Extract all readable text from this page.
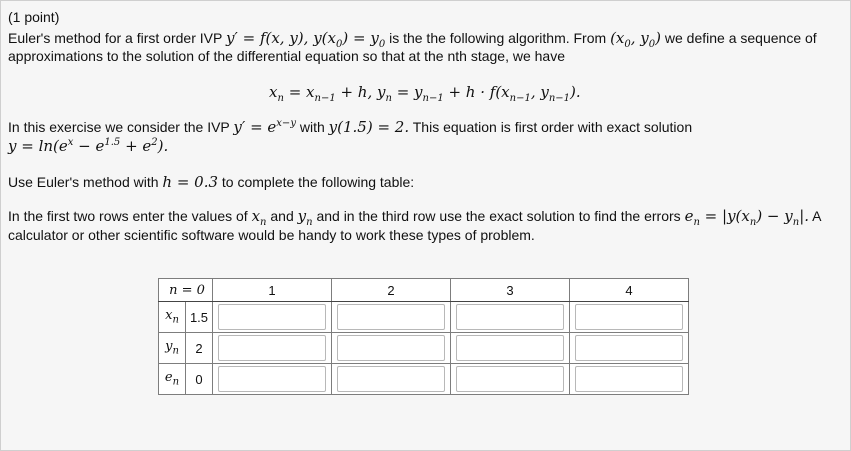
(1 point)
Euler's method for a first order IVP y′ = f(x, y), $y(x_0) = y_0$ is the the following algorithm. From ($x_0$, $y_0$) we define a sequence of
approximations to the solution of the differential equation so that at the nth stage, we have
$x_n = x_{n-1} + h$, $y_n = y_{n-1} + h \cdot f(x_{n-1}$, $y_{n-1}$).
In this exercise we consider the IVP $y' = e^{x-y}$ with y(1.5) = 2. This equation is first order with exact solution
$y = \ln(e^x - e^{1.5} + e^2)$.
Use Euler's method with h = 0.3 to complete the following table:
In the first two rows enter the values of $x_n$ and $y_n$ and in the third row use the exact solution to find the errors $e_n = |y(x_n) - y_n|$. A
calculator or other scientific software would be handy to work these types of problem.
n = 0		1	2	3	4
$x_n$	1.5	

$y_n$	2	

$e_n$	0	
